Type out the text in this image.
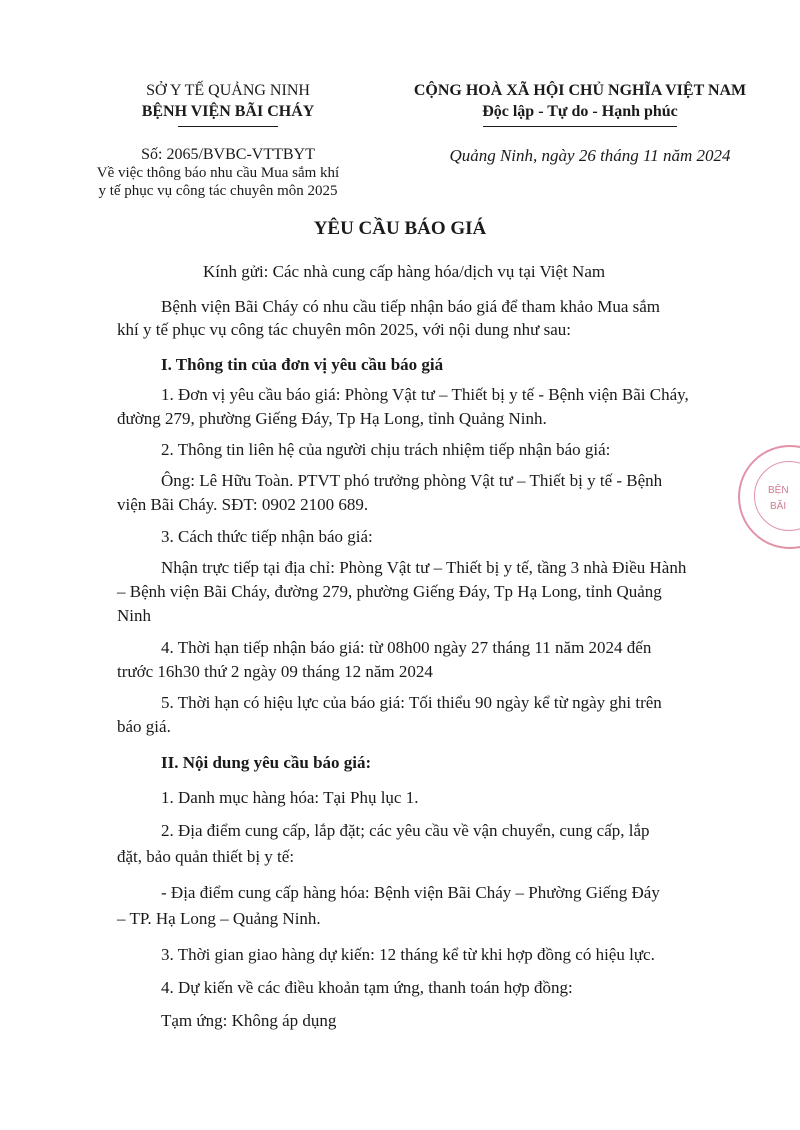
SỞ Y TẾ QUẢNG NINH
BỆNH VIỆN BÃI CHÁY
Số: 2065/BVBC-VTTBYT
Về việc thông báo nhu cầu Mua sắm khí
y tế phục vụ công tác chuyên môn 2025
CỘNG HOÀ XÃ HỘI CHỦ NGHĨA VIỆT NAM
Độc lập - Tự do - Hạnh phúc
Quảng Ninh, ngày 26 tháng 11 năm 2024
YÊU CẦU BÁO GIÁ
Kính gửi: Các nhà cung cấp hàng hóa/dịch vụ tại Việt Nam
Bệnh viện Bãi Cháy có nhu cầu tiếp nhận báo giá để tham khảo Mua sắm
khí y tế phục vụ công tác chuyên môn 2025, với nội dung như sau:
I. Thông tin của đơn vị yêu cầu báo giá
1. Đơn vị yêu cầu báo giá: Phòng Vật tư – Thiết bị y tế - Bệnh viện Bãi Cháy,
đường 279, phường Giếng Đáy, Tp Hạ Long, tỉnh Quảng Ninh.
2. Thông tin liên hệ của người chịu trách nhiệm tiếp nhận báo giá:
Ông: Lê Hữu Toàn. PTVT phó trưởng phòng Vật tư – Thiết bị y tế - Bệnh
viện Bãi Cháy. SĐT: 0902 2100 689.
3. Cách thức tiếp nhận báo giá:
Nhận trực tiếp tại địa chỉ: Phòng Vật tư – Thiết bị y tế, tầng 3 nhà Điều Hành
– Bệnh viện Bãi Cháy, đường 279, phường Giếng Đáy, Tp Hạ Long, tỉnh Quảng
Ninh
4. Thời hạn tiếp nhận báo giá: từ 08h00 ngày 27 tháng 11 năm 2024 đến
trước 16h30 thứ 2 ngày 09 tháng 12 năm 2024
5. Thời hạn có hiệu lực của báo giá: Tối thiểu 90 ngày kể từ ngày ghi trên
báo giá.
II. Nội dung yêu cầu báo giá:
1. Danh mục hàng hóa: Tại Phụ lục 1.
2. Địa điểm cung cấp, lắp đặt; các yêu cầu về vận chuyển, cung cấp, lắp
đặt, bảo quản thiết bị y tế:
- Địa điểm cung cấp hàng hóa: Bệnh viện Bãi Cháy – Phường Giếng Đáy
– TP. Hạ Long – Quảng Ninh.
3. Thời gian giao hàng dự kiến: 12 tháng kể từ khi hợp đồng có hiệu lực.
4. Dự kiến về các điều khoản tạm ứng, thanh toán hợp đồng:
Tạm ứng: Không áp dụng
BỆN
BÃI
